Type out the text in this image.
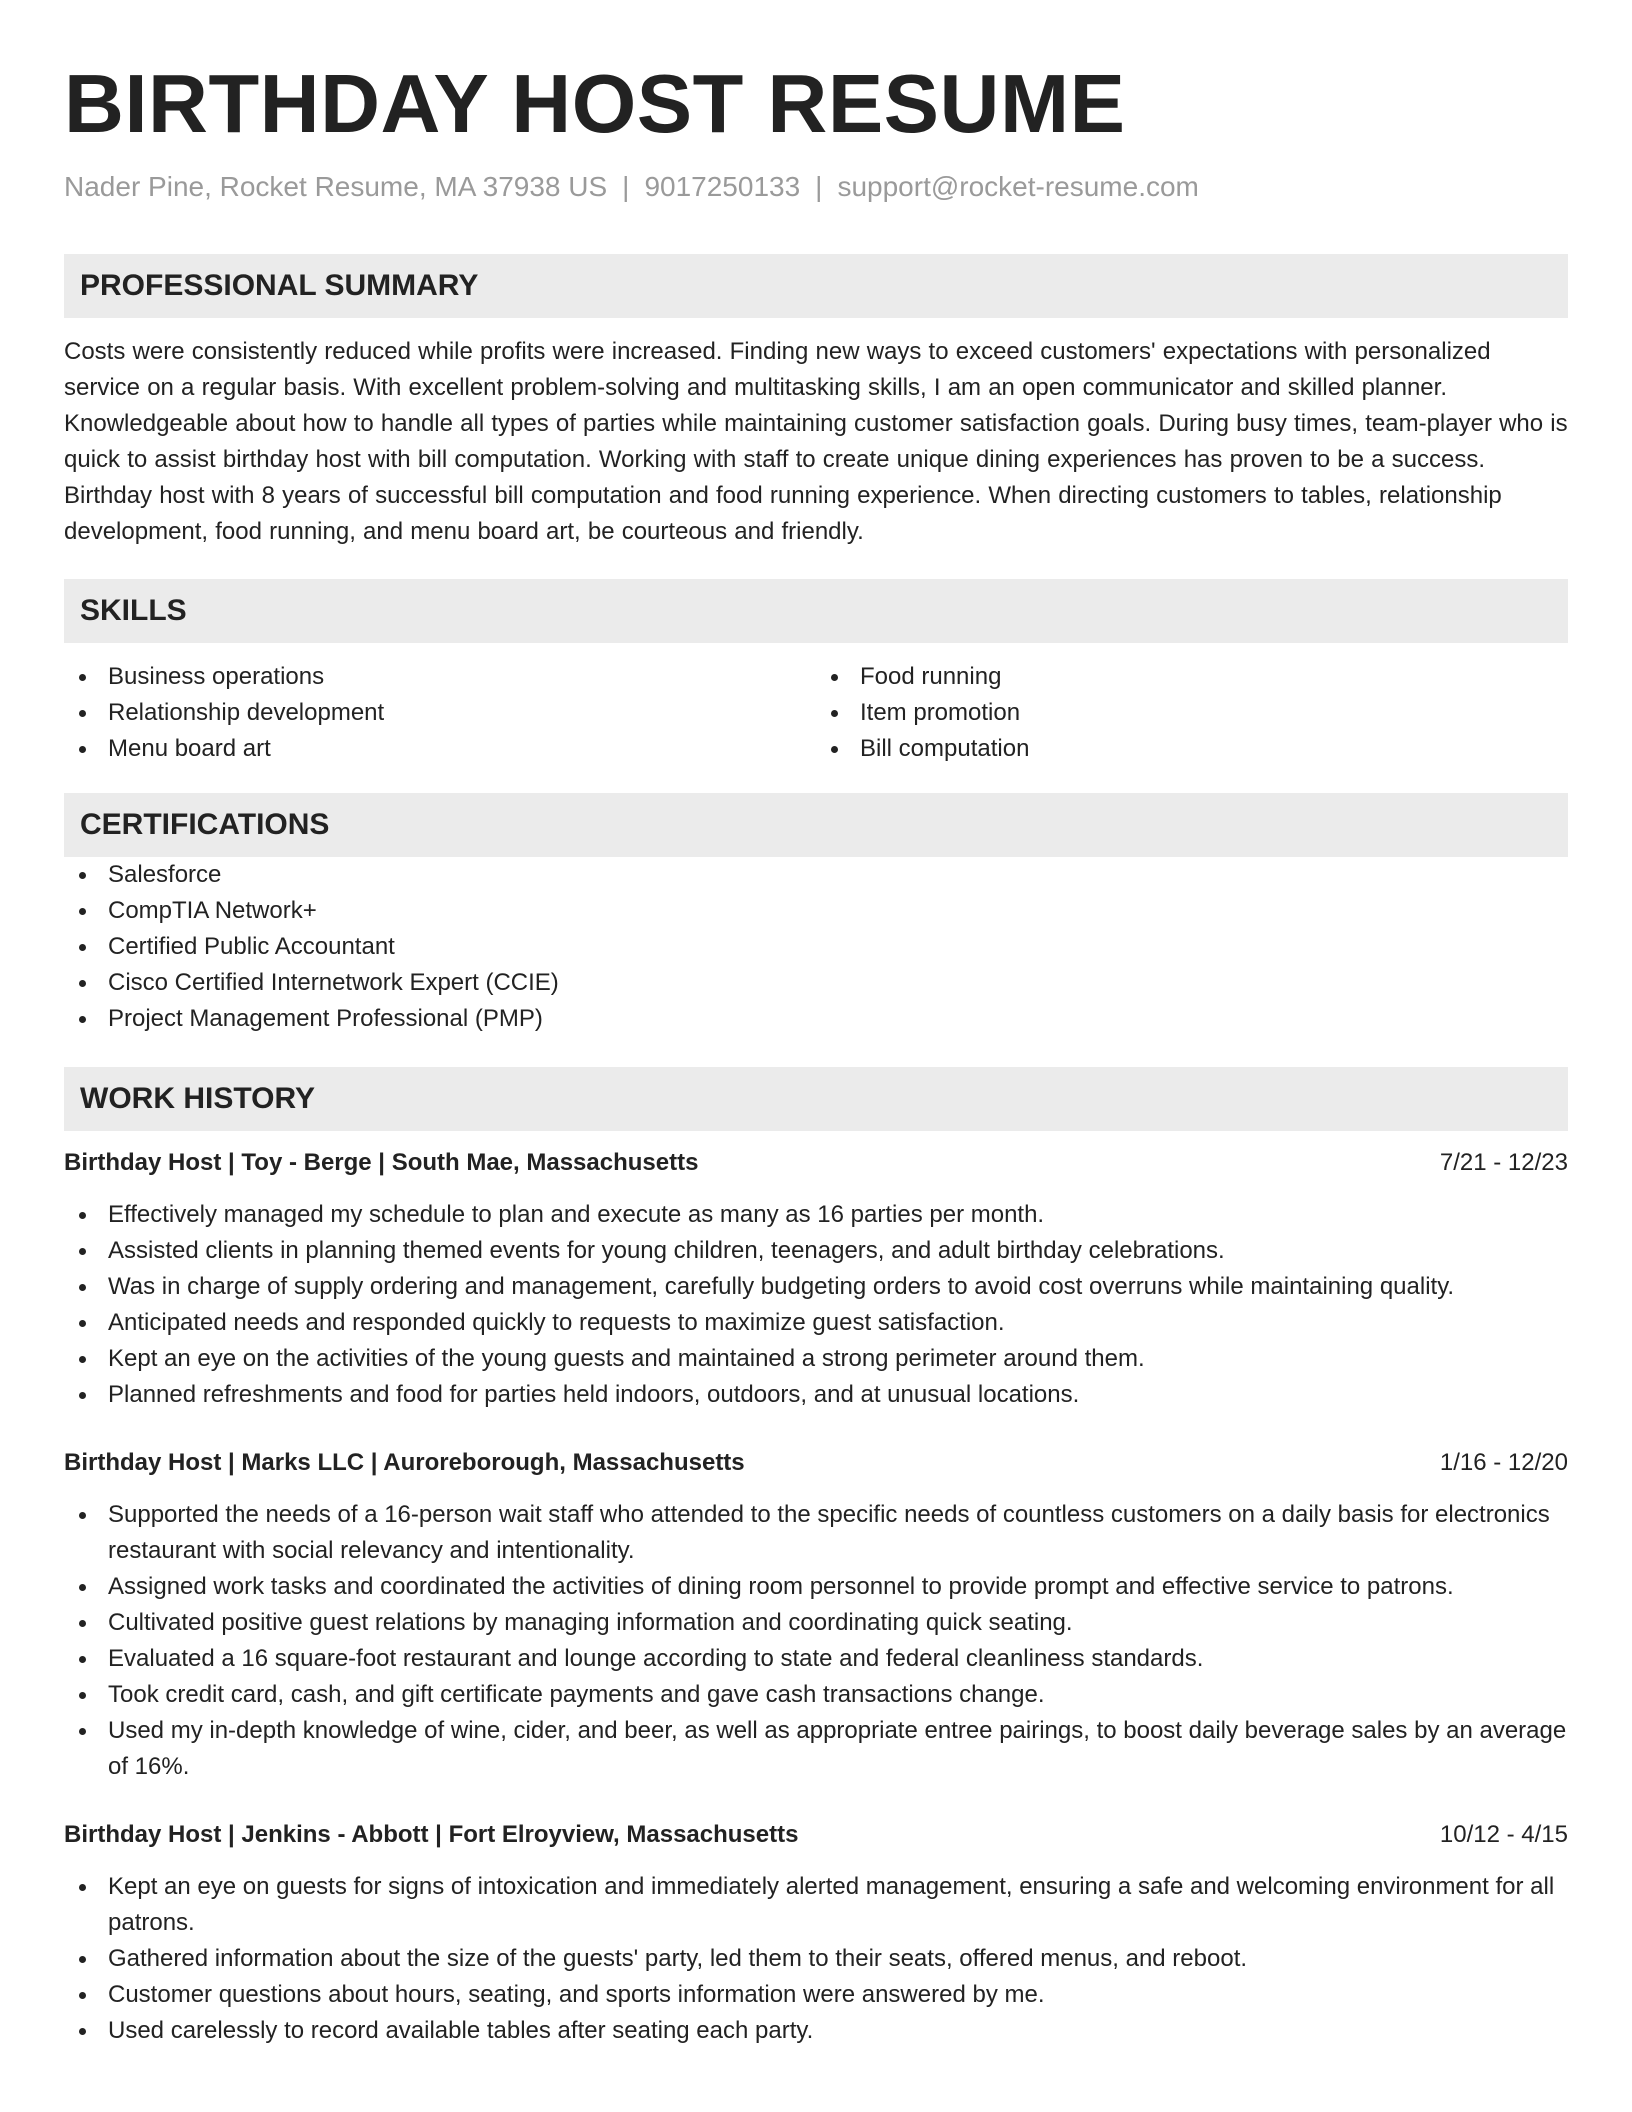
BIRTHDAY HOST RESUME
Nader Pine, Rocket Resume, MA 37938 US | 9017250133 | support@rocket-resume.com
PROFESSIONAL SUMMARY
Costs were consistently reduced while profits were increased. Finding new ways to exceed customers' expectations with personalized service on a regular basis. With excellent problem-solving and multitasking skills, I am an open communicator and skilled planner. Knowledgeable about how to handle all types of parties while maintaining customer satisfaction goals. During busy times, team-player who is quick to assist birthday host with bill computation. Working with staff to create unique dining experiences has proven to be a success. Birthday host with 8 years of successful bill computation and food running experience. When directing customers to tables, relationship development, food running, and menu board art, be courteous and friendly.
SKILLS
Business operations
Relationship development
Menu board art
Food running
Item promotion
Bill computation
CERTIFICATIONS
Salesforce
CompTIA Network+
Certified Public Accountant
Cisco Certified Internetwork Expert (CCIE)
Project Management Professional (PMP)
WORK HISTORY
Birthday Host | Toy - Berge | South Mae, Massachusetts	7/21 - 12/23
Effectively managed my schedule to plan and execute as many as 16 parties per month.
Assisted clients in planning themed events for young children, teenagers, and adult birthday celebrations.
Was in charge of supply ordering and management, carefully budgeting orders to avoid cost overruns while maintaining quality.
Anticipated needs and responded quickly to requests to maximize guest satisfaction.
Kept an eye on the activities of the young guests and maintained a strong perimeter around them.
Planned refreshments and food for parties held indoors, outdoors, and at unusual locations.
Birthday Host | Marks LLC | Auroreborough, Massachusetts	1/16 - 12/20
Supported the needs of a 16-person wait staff who attended to the specific needs of countless customers on a daily basis for electronics restaurant with social relevancy and intentionality.
Assigned work tasks and coordinated the activities of dining room personnel to provide prompt and effective service to patrons.
Cultivated positive guest relations by managing information and coordinating quick seating.
Evaluated a 16 square-foot restaurant and lounge according to state and federal cleanliness standards.
Took credit card, cash, and gift certificate payments and gave cash transactions change.
Used my in-depth knowledge of wine, cider, and beer, as well as appropriate entree pairings, to boost daily beverage sales by an average of 16%.
Birthday Host | Jenkins - Abbott | Fort Elroyview, Massachusetts	10/12 - 4/15
Kept an eye on guests for signs of intoxication and immediately alerted management, ensuring a safe and welcoming environment for all patrons.
Gathered information about the size of the guests' party, led them to their seats, offered menus, and reboot.
Customer questions about hours, seating, and sports information were answered by me.
Used carelessly to record available tables after seating each party.
